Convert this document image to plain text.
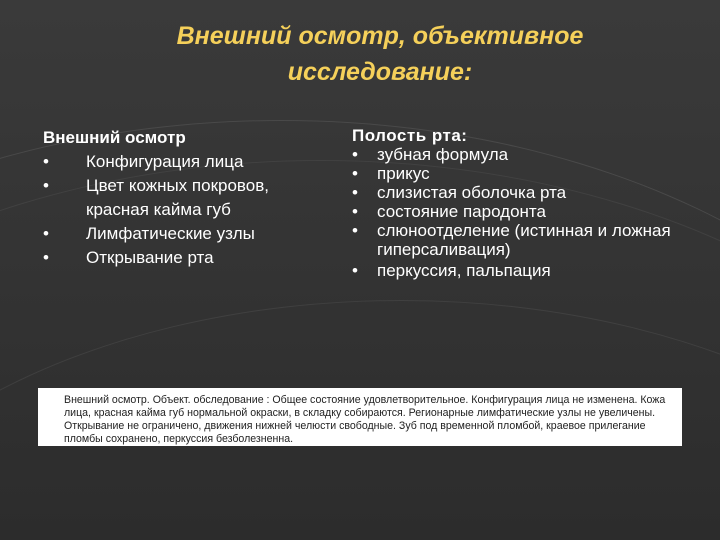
Внешний осмотр, объективное исследование:
Внешний осмотр
• Конфигурация лица
• Цвет кожных покровов, красная кайма губ
• Лимфатические узлы
• Открывание рта
Полость рта:
• зубная формула
• прикус
• слизистая оболочка рта
• состояние пародонта
• слюноотделение (истинная и ложная гиперсаливация)
• перкуссия, пальпация
Внешний осмотр. Объект. обследование : Общее состояние удовлетворительное. Конфигурация лица не изменена. Кожа лица, красная кайма губ нормальной окраски, в складку собираются. Регионарные лимфатические узлы не увеличены. Открывание не ограничено, движения нижней челюсти свободные. Зуб под временной пломбой, краевое прилегание пломбы сохранено, перкуссия безболезненна.
